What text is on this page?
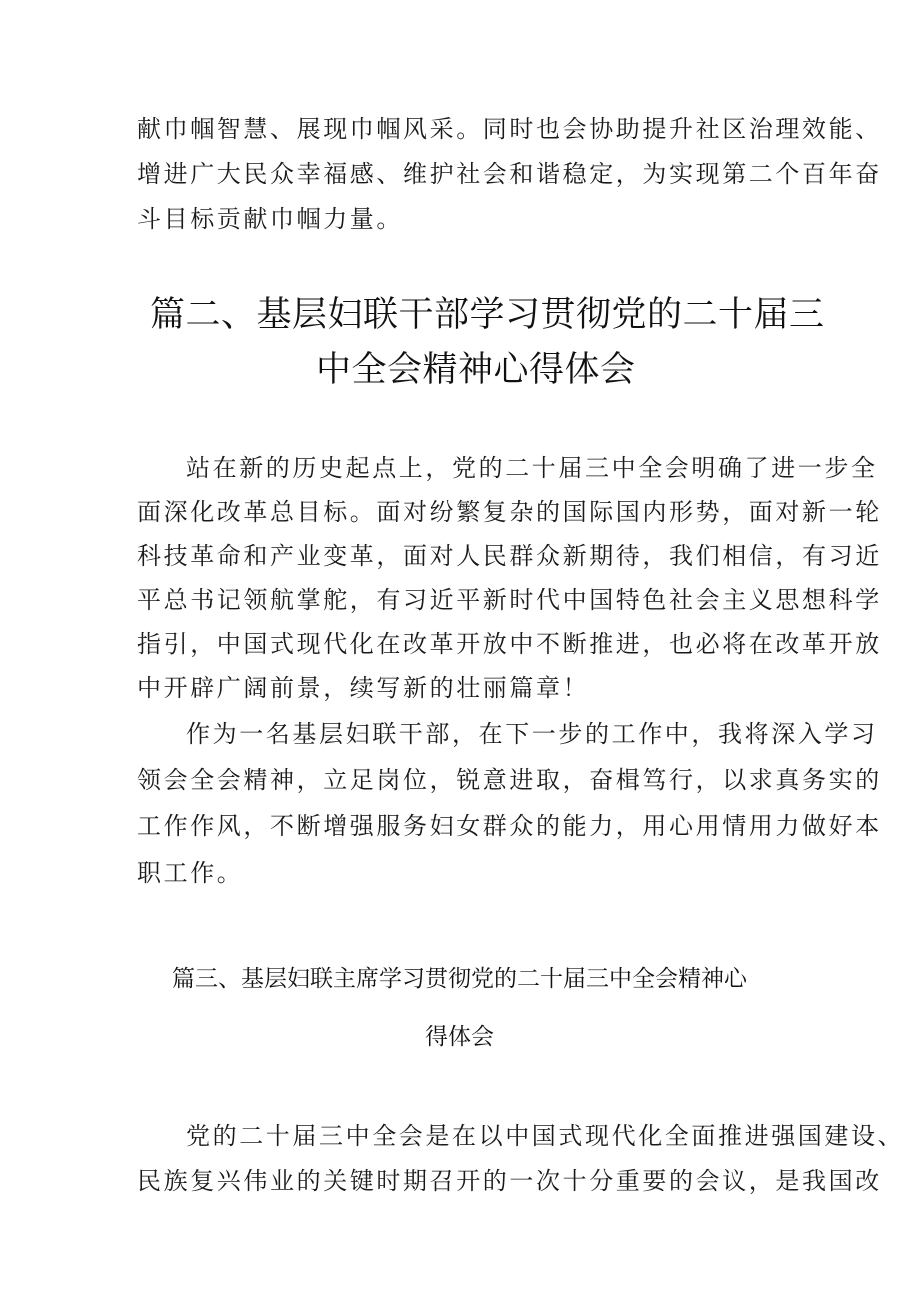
献巾帼智慧、展现巾帼风采。同时也会协助提升社区治理效能、
增进广大民众幸福感、维护社会和谐稳定，为实现第二个百年奋
斗目标贡献巾帼力量。
篇二、基层妇联干部学习贯彻党的二十届三
中全会精神心得体会
站在新的历史起点上，党的二十届三中全会明确了进一步全
面深化改革总目标。面对纷繁复杂的国际国内形势，面对新一轮
科技革命和产业变革，面对人民群众新期待，我们相信，有习近
平总书记领航掌舵，有习近平新时代中国特色社会主义思想科学
指引，中国式现代化在改革开放中不断推进，也必将在改革开放
中开辟广阔前景，续写新的壮丽篇章！
作为一名基层妇联干部，在下一步的工作中，我将深入学习
领会全会精神，立足岗位，锐意进取，奋楫笃行，以求真务实的
工作作风，不断增强服务妇女群众的能力，用心用情用力做好本
职工作。
篇三、基层妇联主席学习贯彻党的二十届三中全会精神心
得体会
党的二十届三中全会是在以中国式现代化全面推进强国建设、
民族复兴伟业的关键时期召开的一次十分重要的会议，是我国改
